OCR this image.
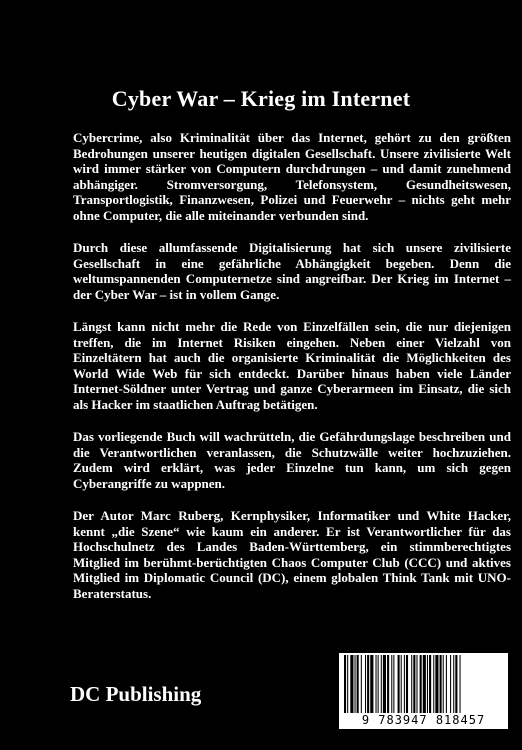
Cyber War – Krieg im Internet

Cybercrime, also Kriminalität über das Internet, gehört zu den größten Bedrohungen unserer heutigen digitalen Gesellschaft. Unsere zivilisierte Welt wird immer stärker von Computern durchdrungen – und damit zunehmend abhängiger. Stromversorgung, Telefonsystem, Gesundheitswesen, Transportlogistik, Finanzwesen, Polizei und Feuerwehr – nichts geht mehr ohne Computer, die alle miteinander verbunden sind.

Durch diese allumfassende Digitalisierung hat sich unsere zivilisierte Gesellschaft in eine gefährliche Abhängigkeit begeben. Denn die weltumspannenden Computernetze sind angreifbar. Der Krieg im Internet – der Cyber War – ist in vollem Gange.

Längst kann nicht mehr die Rede von Einzelfällen sein, die nur diejenigen treffen, die im Internet Risiken eingehen. Neben einer Vielzahl von Einzeltätern hat auch die organisierte Kriminalität die Möglichkeiten des World Wide Web für sich entdeckt. Darüber hinaus haben viele Länder Internet-Söldner unter Vertrag und ganze Cyberarmeen im Einsatz, die sich als Hacker im staatlichen Auftrag betätigen.

Das vorliegende Buch will wachrütteln, die Gefährdungslage beschreiben und die Verantwortlichen veranlassen, die Schutzwälle weiter hochzuziehen. Zudem wird erklärt, was jeder Einzelne tun kann, um sich gegen Cyberangriffe zu wappnen.

Der Autor Marc Ruberg, Kernphysiker, Informatiker und White Hacker, kennt „die Szene“ wie kaum ein anderer. Er ist Verantwortlicher für das Hochschulnetz des Landes Baden-Württemberg, ein stimmberechtigtes Mitglied im berühmt-berüchtigten Chaos Computer Club (CCC) und aktives Mitglied im Diplomatic Council (DC), einem globalen Think Tank mit UNO-Beraterstatus.

DC Publishing
9 783947 818457
